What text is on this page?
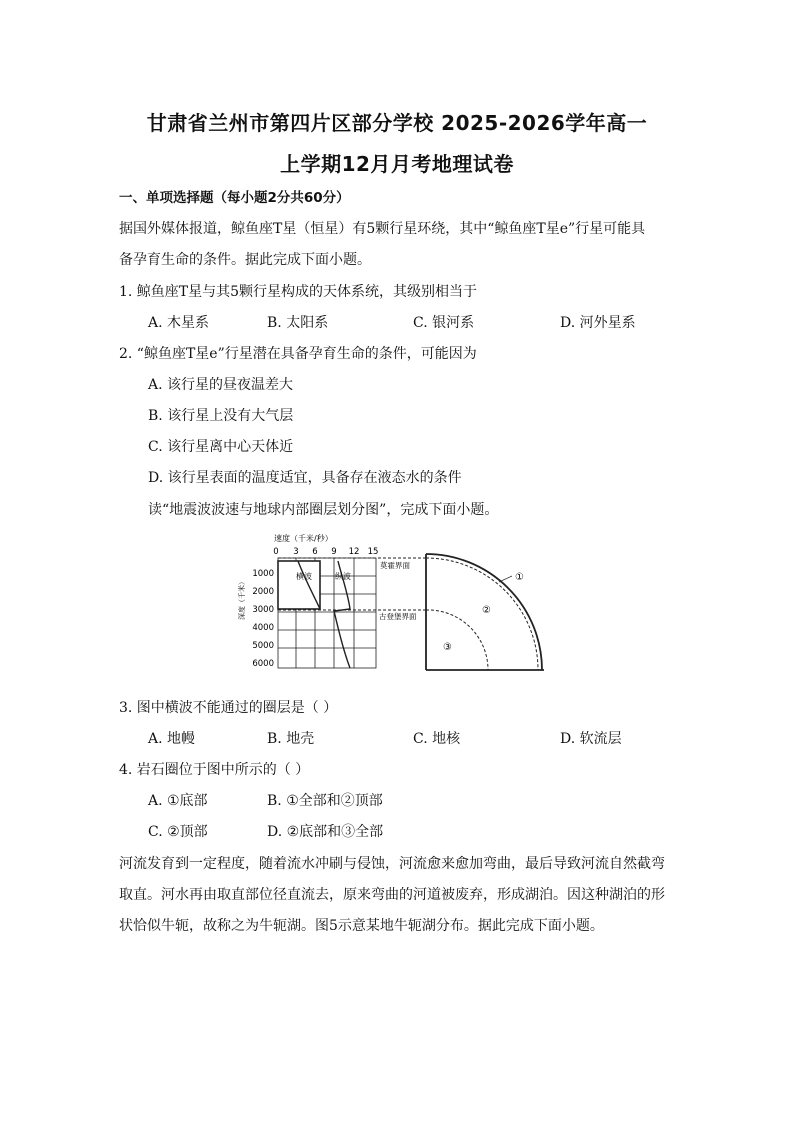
甘肃省兰州市第四片区部分学校 2025-2026学年高一
上学期12月月考地理试卷
一、单项选择题（每小题2分共60分）
据国外媒体报道，鲸鱼座T星（恒星）有5颗行星环绕，其中“鲸鱼座T星e”行星可能具
备孕育生命的条件。据此完成下面小题。
1. 鲸鱼座T星与其5颗行星构成的天体系统，其级别相当于
A. 木星系	B. 太阳系	C. 银河系	D. 河外星系
2. “鲸鱼座T星e”行星潜在具备孕育生命的条件，可能因为
A. 该行星的昼夜温差大
B. 该行星上没有大气层
C. 该行星离中心天体近
D. 该行星表面的温度适宜，具备存在液态水的条件
读“地震波波速与地球内部圈层划分图”，完成下面小题。
速度（千米/秒）
0 3 6 9 12 15
1000
2000
3000
4000
5000
6000
深度（千米）
横波	纵波
莫霍界面
古登堡界面
①
②
③
3. 图中横波不能通过的圈层是（ ）
A. 地幔	B. 地壳	C. 地核	D. 软流层
4. 岩石圈位于图中所示的（ ）
A. ①底部	B. ①全部和②顶部
C. ②顶部	D. ②底部和③全部
河流发育到一定程度，随着流水冲刷与侵蚀，河流愈来愈加弯曲，最后导致河流自然截弯
取直。河水再由取直部位径直流去，原来弯曲的河道被废弃，形成湖泊。因这种湖泊的形
状恰似牛轭，故称之为牛轭湖。图5示意某地牛轭湖分布。据此完成下面小题。
